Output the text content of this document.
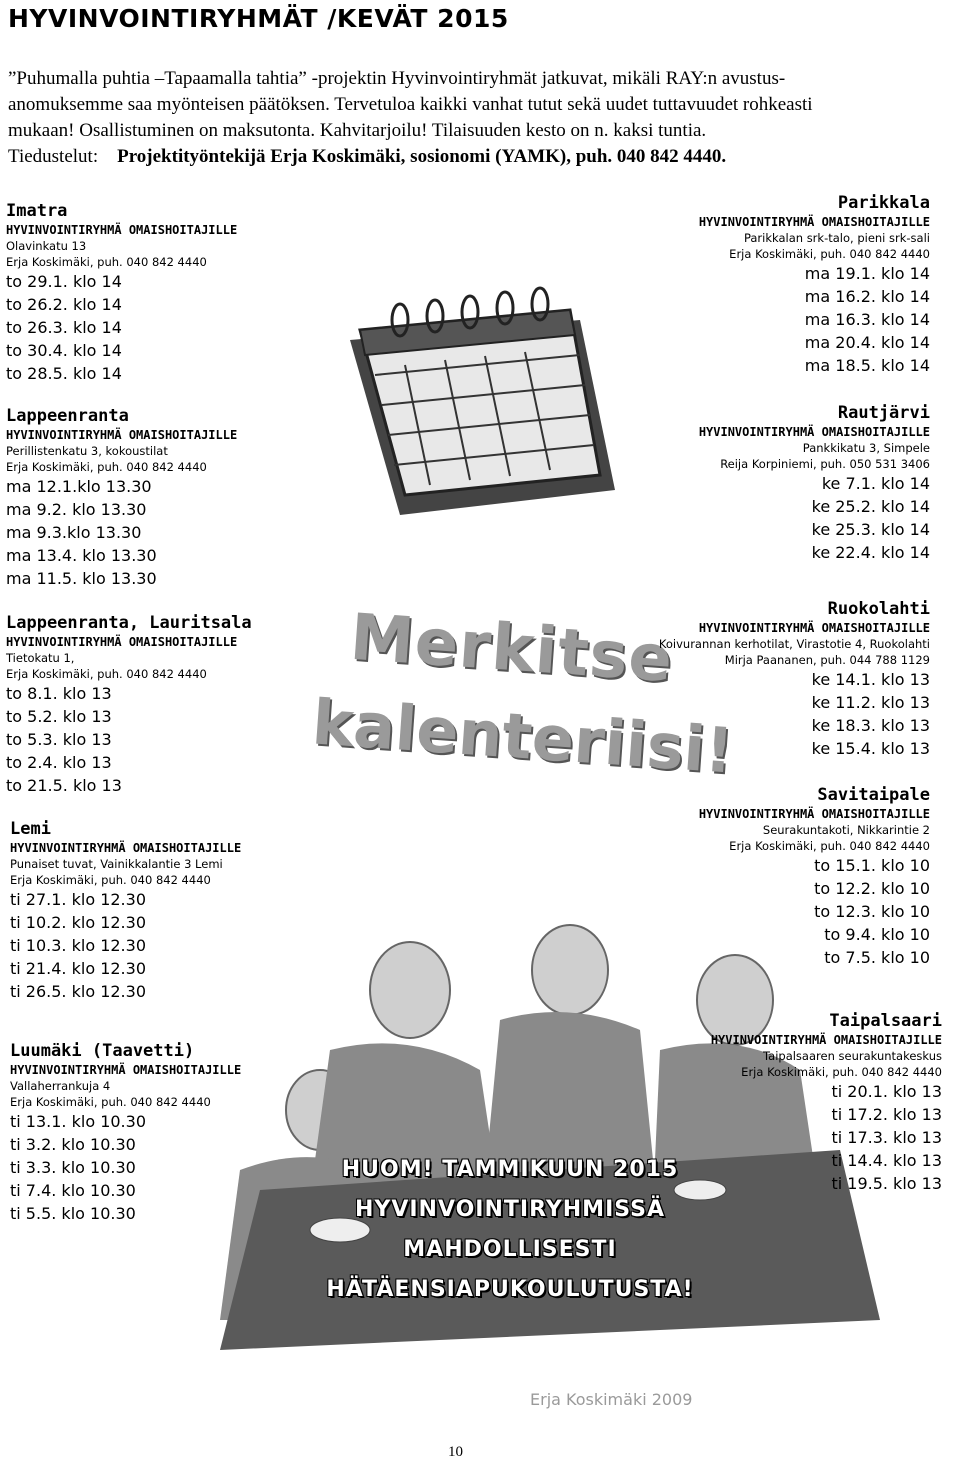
HYVINVOINTIRYHMÄT /KEVÄT 2015

”Puhumalla puhtia –Tapaamalla tahtia” -projektin Hyvinvointiryhmät jatkuvat, mikäli RAY:n avustus-

anomuksemme saa myönteisen päätöksen. Tervetuloa kaikki vanhat tutut sekä uudet tuttavuudet rohkeasti

mukaan! Osallistuminen on maksutonta. Kahvitarjoilu! Tilaisuuden kesto on n. kaksi tuntia.

Tiedustelut: Projektityöntekijä Erja Koskimäki, sosionomi (YAMK), puh. 040 842 4440.

Merkitse
kalenteriisi!
HUOM! TAMMIKUUN 2015
HYVINVOINTIRYHMISSÄ
MAHDOLLISESTI
HÄTÄENSIAPUKOULUTUSTA!
Erja Koskimäki 2009
Imatra
HYVINVOINTIRYHMÄ OMAISHOITAJILLE
Olavinkatu 13
Erja Koskimäki, puh. 040 842 4440
to 29.1. klo 14
to 26.2. klo 14
to 26.3. klo 14
to 30.4. klo 14
to 28.5. klo 14
Lappeenranta
HYVINVOINTIRYHMÄ OMAISHOITAJILLE
Perillistenkatu 3, kokoustilat
Erja Koskimäki, puh. 040 842 4440
ma 12.1.klo 13.30
ma 9.2. klo 13.30
ma 9.3.klo 13.30
ma 13.4. klo 13.30
ma 11.5. klo 13.30
Lappeenranta, Lauritsala
HYVINVOINTIRYHMÄ OMAISHOITAJILLE
Tietokatu 1,
Erja Koskimäki, puh. 040 842 4440
to 8.1. klo 13
to 5.2. klo 13
to 5.3. klo 13
to 2.4. klo 13
to 21.5. klo 13
Lemi
HYVINVOINTIRYHMÄ OMAISHOITAJILLE
Punaiset tuvat, Vainikkalantie 3 Lemi
Erja Koskimäki, puh. 040 842 4440
ti 27.1. klo 12.30
ti 10.2. klo 12.30
ti 10.3. klo 12.30
ti 21.4. klo 12.30
ti 26.5. klo 12.30
Luumäki (Taavetti)
HYVINVOINTIRYHMÄ OMAISHOITAJILLE
Vallaherrankuja 4
Erja Koskimäki, puh. 040 842 4440
ti 13.1. klo 10.30
ti 3.2. klo 10.30
ti 3.3. klo 10.30
ti 7.4. klo 10.30
ti 5.5. klo 10.30
Parikkala
HYVINVOINTIRYHMÄ OMAISHOITAJILLE
Parikkalan srk-talo, pieni srk-sali
Erja Koskimäki, puh. 040 842 4440
ma 19.1. klo 14
ma 16.2. klo 14
ma 16.3. klo 14
ma 20.4. klo 14
ma 18.5. klo 14
Rautjärvi
HYVINVOINTIRYHMÄ OMAISHOITAJILLE
Pankkikatu 3, Simpele
Reija Korpiniemi, puh. 050 531 3406
ke 7.1. klo 14
ke 25.2. klo 14
ke 25.3. klo 14
ke 22.4. klo 14
Ruokolahti
HYVINVOINTIRYHMÄ OMAISHOITAJILLE
Koivurannan kerhotilat, Virastotie 4, Ruokolahti
Mirja Paananen, puh. 044 788 1129
ke 14.1. klo 13
ke 11.2. klo 13
ke 18.3. klo 13
ke 15.4. klo 13
Savitaipale
HYVINVOINTIRYHMÄ OMAISHOITAJILLE
Seurakuntakoti, Nikkarintie 2
Erja Koskimäki, puh. 040 842 4440
to 15.1. klo 10
to 12.2. klo 10
to 12.3. klo 10
to 9.4. klo 10
to 7.5. klo 10
Taipalsaari
HYVINVOINTIRYHMÄ OMAISHOITAJILLE
Taipalsaaren seurakuntakeskus
Erja Koskimäki, puh. 040 842 4440
ti 20.1. klo 13
ti 17.2. klo 13
ti 17.3. klo 13
ti 14.4. klo 13
ti 19.5. klo 13
10
